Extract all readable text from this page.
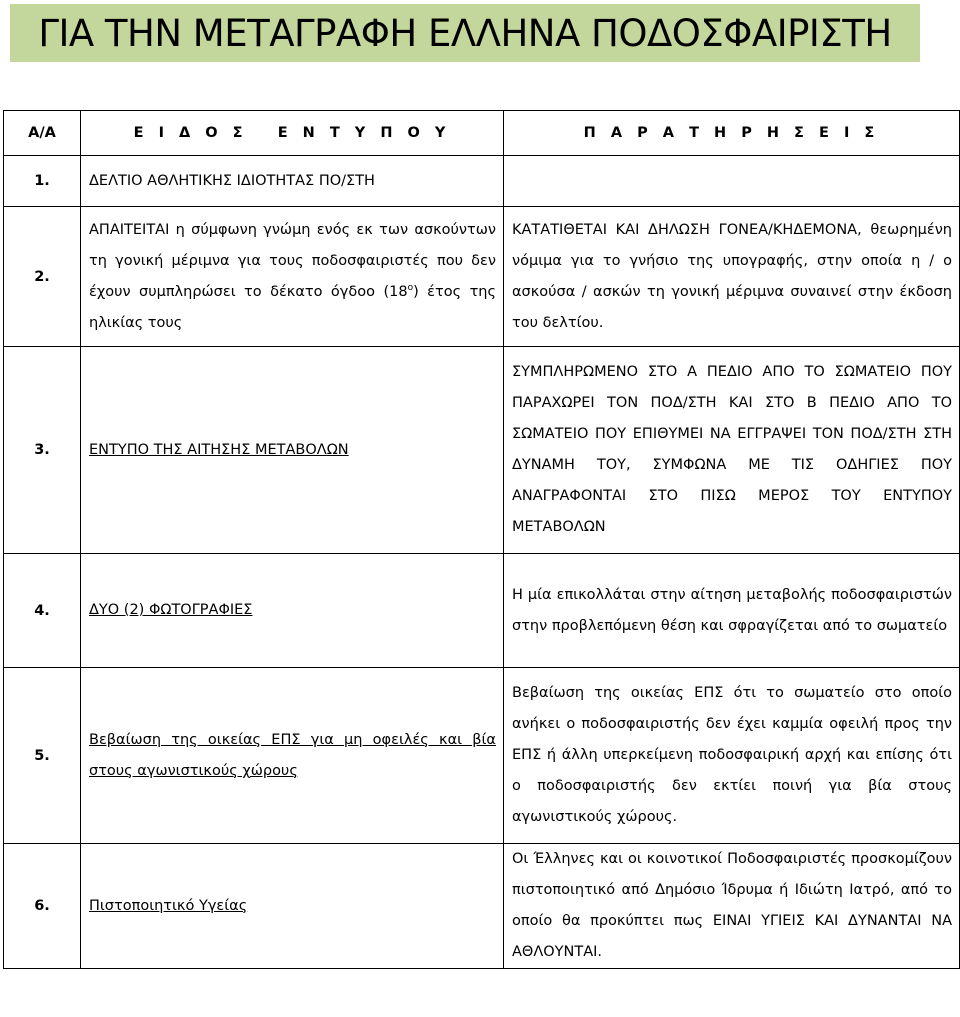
ΓΙΑ ΤΗΝ ΜΕΤΑΓΡΑΦΗ ΕΛΛΗΝΑ ΠΟΔΟΣΦΑΙΡΙΣΤΗ
Α/Α	Ε Ι Δ Ο Σ   Ε Ν Τ Υ Π Ο Υ	Π Α Ρ Α Τ Η Ρ Η Σ Ε Ι Σ
1.	ΔΕΛΤΙΟ ΑΘΛΗΤΙΚΗΣ ΙΔΙΟΤΗΤΑΣ ΠΟ/ΣΤΗ	

2.	ΑΠΑΙΤΕΙΤΑΙ η σύμφωνη γνώμη ενός εκ των ασκούντων τη γονική μέριμνα για τους ποδοσφαιριστές που δεν έχουν συμπληρώσει το δέκατο όγδοο $(18^o)$ έτος της ηλικίας τους	ΚΑΤΑΤΙΘΕΤΑΙ ΚΑΙ ΔΗΛΩΣΗ ΓΟΝΕΑ/ΚΗΔΕΜΟΝΑ, θεωρημένη νόμιμα για το γνήσιο της υπογραφής, στην οποία η / ο ασκούσα / ασκών τη γονική μέριμνα συναινεί στην έκδοση του δελτίου.

3.	ΕΝΤΥΠΟ ΤΗΣ ΑΙΤΗΣΗΣ ΜΕΤΑΒΟΛΩΝ	ΣΥΜΠΛΗΡΩΜΕΝΟ ΣΤΟ Α ΠΕΔΙΟ ΑΠΟ ΤΟ ΣΩΜΑΤΕΙΟ ΠΟΥ ΠΑΡΑΧΩΡΕΙ ΤΟΝ ΠΟΔ/ΣΤΗ ΚΑΙ ΣΤΟ Β ΠΕΔΙΟ ΑΠΟ ΤΟ ΣΩΜΑΤΕΙΟ ΠΟΥ ΕΠΙΘΥΜΕΙ ΝΑ ΕΓΓΡΑΨΕΙ ΤΟΝ ΠΟΔ/ΣΤΗ ΣΤΗ ΔΥΝΑΜΗ ΤΟΥ, ΣΥΜΦΩΝΑ ΜΕ ΤΙΣ ΟΔΗΓΙΕΣ ΠΟΥ ΑΝΑΓΡΑΦΟΝΤΑΙ ΣΤΟ ΠΙΣΩ ΜΕΡΟΣ ΤΟΥ ΕΝΤΥΠΟΥ ΜΕΤΑΒΟΛΩΝ

4.	ΔΥΟ (2) ΦΩΤΟΓΡΑΦΙΕΣ	Η μία επικολλάται στην αίτηση μεταβολής ποδοσφαιριστών στην προβλεπόμενη θέση και σφραγίζεται από το σωματείο

5.	Βεβαίωση της οικείας ΕΠΣ για μη οφειλές και βία στους αγωνιστικούς χώρους	Βεβαίωση της οικείας ΕΠΣ ότι το σωματείο στο οποίο ανήκει ο ποδοσφαιριστής δεν έχει καμμία οφειλή προς την ΕΠΣ ή άλλη υπερκείμενη ποδοσφαιρική αρχή και επίσης ότι ο ποδοσφαιριστής δεν εκτίει ποινή για βία στους αγωνιστικούς χώρους.

6.	Πιστοποιητικό Υγείας	Οι Έλληνες και οι κοινοτικοί Ποδοσφαιριστές προσκομίζουν πιστοποιητικό από Δημόσιο Ίδρυμα ή Ιδιώτη Ιατρό, από το οποίο θα προκύπτει πως ΕΙΝΑΙ ΥΓΙΕΙΣ ΚΑΙ ΔΥΝΑΝΤΑΙ ΝΑ ΑΘΛΟΥΝΤΑΙ.
